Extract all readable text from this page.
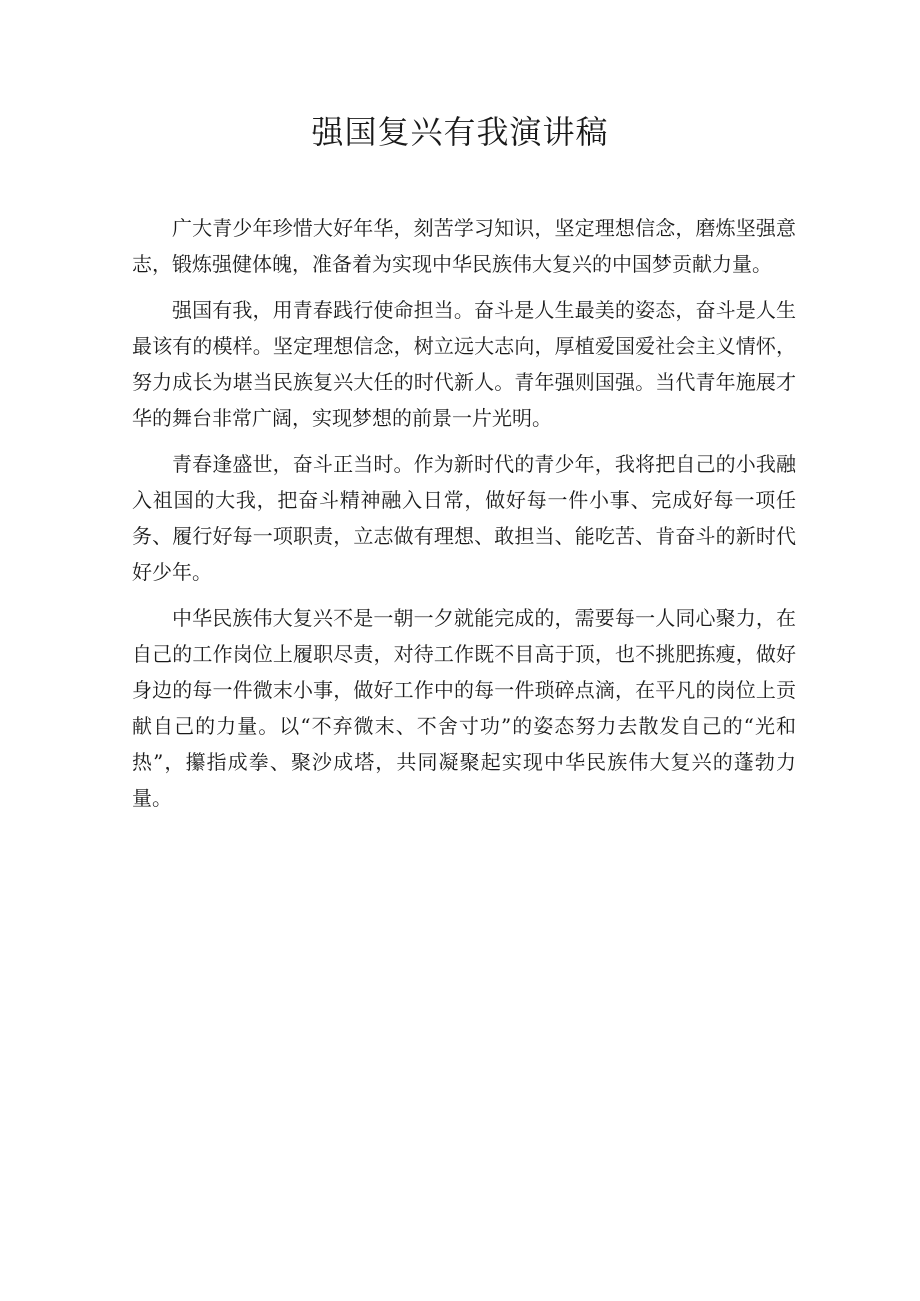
强国复兴有我演讲稿

广大青少年珍惜大好年华，刻苦学习知识，坚定理想信念，磨炼坚强意志，锻炼强健体魄，准备着为实现中华民族伟大复兴的中国梦贡献力量。

强国有我，用青春践行使命担当。奋斗是人生最美的姿态，奋斗是人生最该有的模样。坚定理想信念，树立远大志向，厚植爱国爱社会主义情怀，努力成长为堪当民族复兴大任的时代新人。青年强则国强。当代青年施展才华的舞台非常广阔，实现梦想的前景一片光明。

青春逢盛世，奋斗正当时。作为新时代的青少年，我将把自己的小我融入祖国的大我，把奋斗精神融入日常，做好每一件小事、完成好每一项任务、履行好每一项职责，立志做有理想、敢担当、能吃苦、肯奋斗的新时代好少年。

中华民族伟大复兴不是一朝一夕就能完成的，需要每一人同心聚力，在自己的工作岗位上履职尽责，对待工作既不目高于顶，也不挑肥拣瘦，做好身边的每一件微末小事，做好工作中的每一件琐碎点滴，在平凡的岗位上贡献自己的力量。以“不弃微末、不舍寸功”的姿态努力去散发自己的“光和热”，攥指成拳、聚沙成塔，共同凝聚起实现中华民族伟大复兴的蓬勃力量。
